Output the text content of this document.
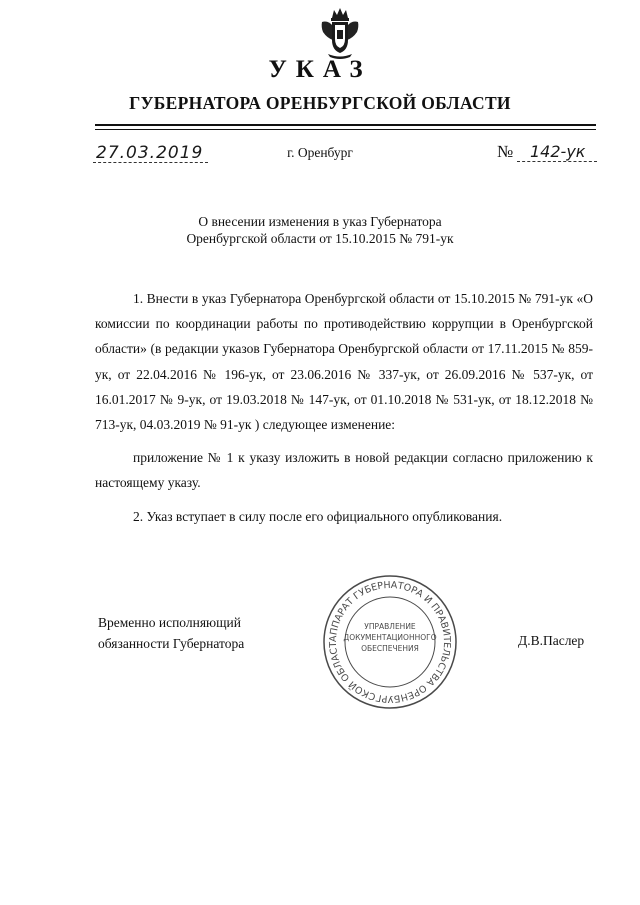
УКАЗ
ГУБЕРНАТОРА ОРЕНБУРГСКОЙ ОБЛАСТИ
27.03.2019	г. Оренбург	№ 142-ук
О внесении изменения в указ Губернатора
Оренбургской области от 15.10.2015 № 791-ук

1. Внести в указ Губернатора Оренбургской области от 15.10.2015 № 791-ук «О комиссии по координации работы по противодействию коррупции в Оренбургской области» (в редакции указов Губернатора Оренбургской области от 17.11.2015 № 859-ук, от 22.04.2016 № 196-ук, от 23.06.2016 № 337-ук, от 26.09.2016 № 537-ук, от 16.01.2017 № 9-ук, от 19.03.2018 № 147-ук, от 01.10.2018 № 531-ук, от 18.12.2018 № 713-ук, 04.03.2019 № 91-ук ) следующее изменение:

приложение № 1 к указу изложить в новой редакции согласно приложению к настоящему указу.

2. Указ вступает в силу после его официального опубликования.

Временно исполняющий
обязанности Губернатора	Д.В.Паслер
АППАРАТ ГУБЕРНАТОРА И ПРАВИТЕЛЬСТВА ОРЕНБУРГСКОЙ ОБЛАСТ
УПРАВЛЕНИЕ
ДОКУМЕНТАЦИОННОГО
ОБЕСПЕЧЕНИЯ
